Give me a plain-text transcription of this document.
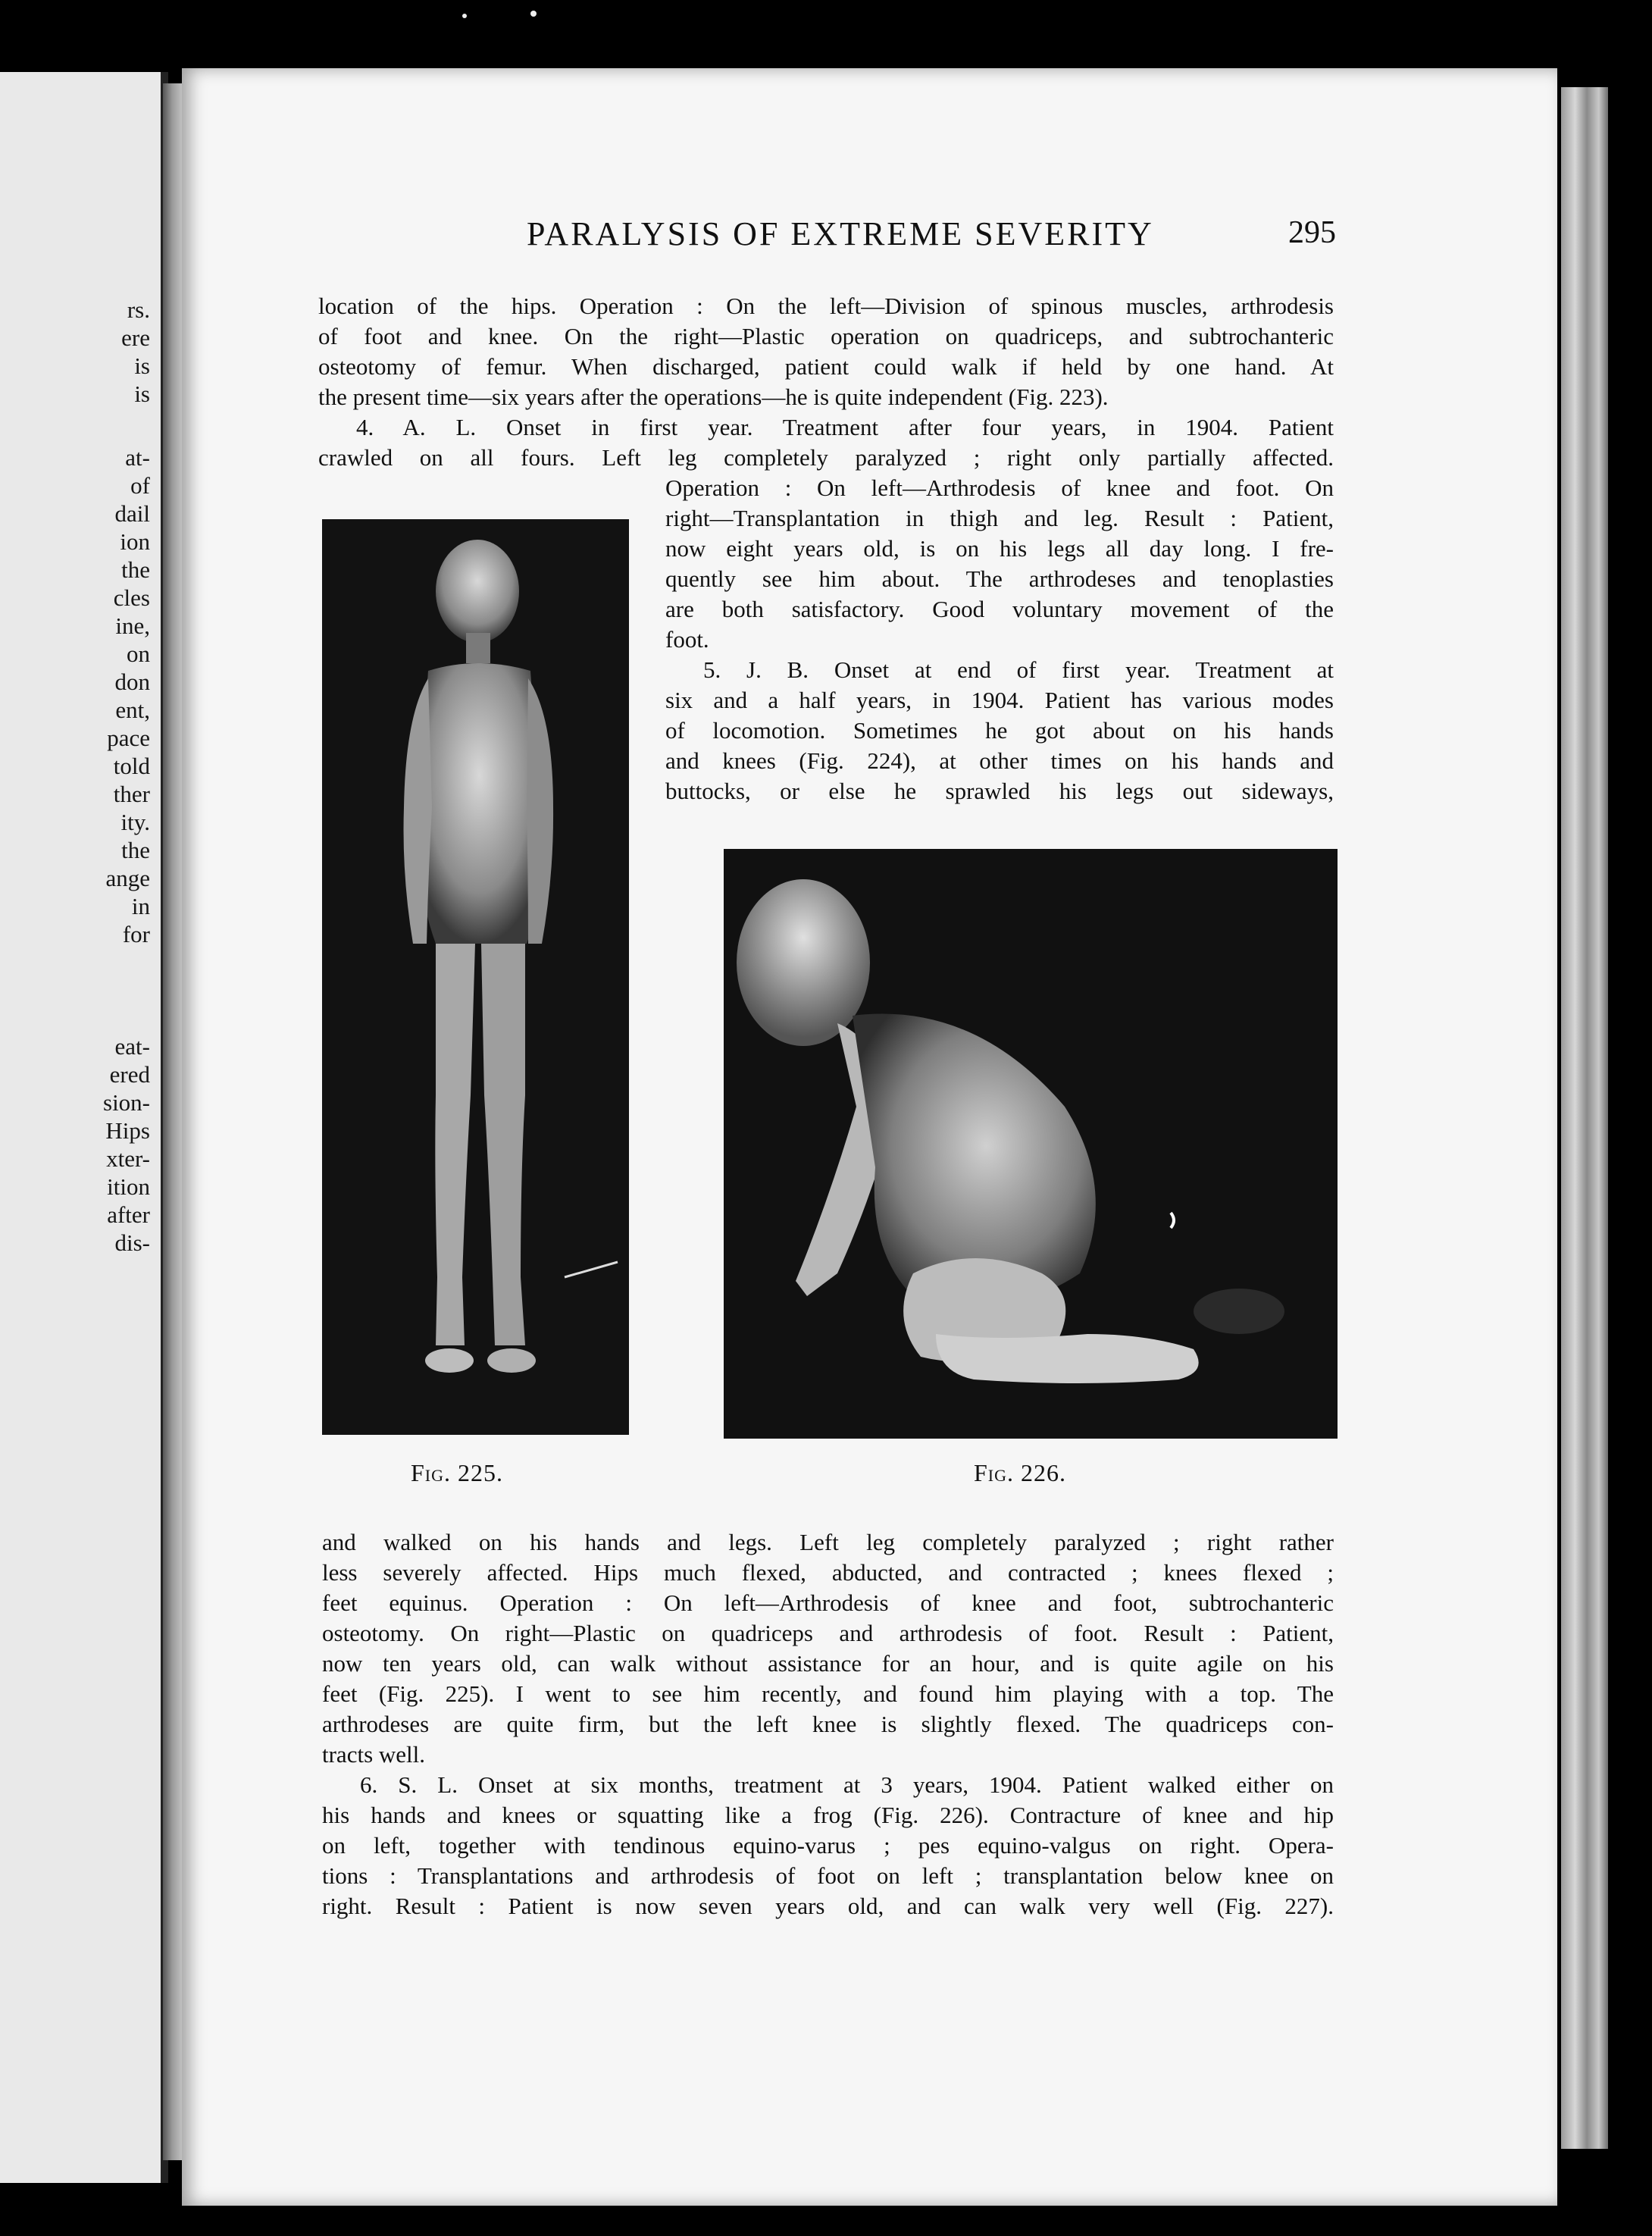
rs.
ere
is
is
at-
of
dail
ion
the
cles
ine,
on
don
ent,
pace
told
ther
ity.
the
ange
in
for
eat-
ered
sion-
Hips
xter-
ition
after
dis-
PARALYSIS OF EXTREME SEVERITY	295
location of the hips. Operation : On the left—Division of spinous muscles, arthrodesis
of foot and knee. On the right—Plastic operation on quadriceps, and subtrochanteric
osteotomy of femur. When discharged, patient could walk if held by one hand. At
the present time—six years after the operations—he is quite independent (Fig. 223).
4. A. L. Onset in first year. Treatment after four years, in 1904. Patient
crawled on all fours. Left leg completely paralyzed ; right only partially affected.
Operation : On left—Arthrodesis of knee and foot. On
right—Transplantation in thigh and leg. Result : Patient,
now eight years old, is on his legs all day long. I fre-
quently see him about. The arthrodeses and tenoplasties
are both satisfactory. Good voluntary movement of the
foot.
5. J. B. Onset at end of first year. Treatment at
six and a half years, in 1904. Patient has various modes
of locomotion. Sometimes he got about on his hands
and knees (Fig. 224), at other times on his hands and
buttocks, or else he sprawled his legs out sideways,
Fig. 225.	Fig. 226.
and walked on his hands and legs. Left leg completely paralyzed ; right rather
less severely affected. Hips much flexed, abducted, and contracted ; knees flexed ;
feet equinus. Operation : On left—Arthrodesis of knee and foot, subtrochanteric
osteotomy. On right—Plastic on quadriceps and arthrodesis of foot. Result : Patient,
now ten years old, can walk without assistance for an hour, and is quite agile on his
feet (Fig. 225). I went to see him recently, and found him playing with a top. The
arthrodeses are quite firm, but the left knee is slightly flexed. The quadriceps con-
tracts well.
6. S. L. Onset at six months, treatment at 3 years, 1904. Patient walked either on
his hands and knees or squatting like a frog (Fig. 226). Contracture of knee and hip
on left, together with tendinous equino-varus ; pes equino-valgus on right. Opera-
tions : Transplantations and arthrodesis of foot on left ; transplantation below knee on
right. Result : Patient is now seven years old, and can walk very well (Fig. 227).
